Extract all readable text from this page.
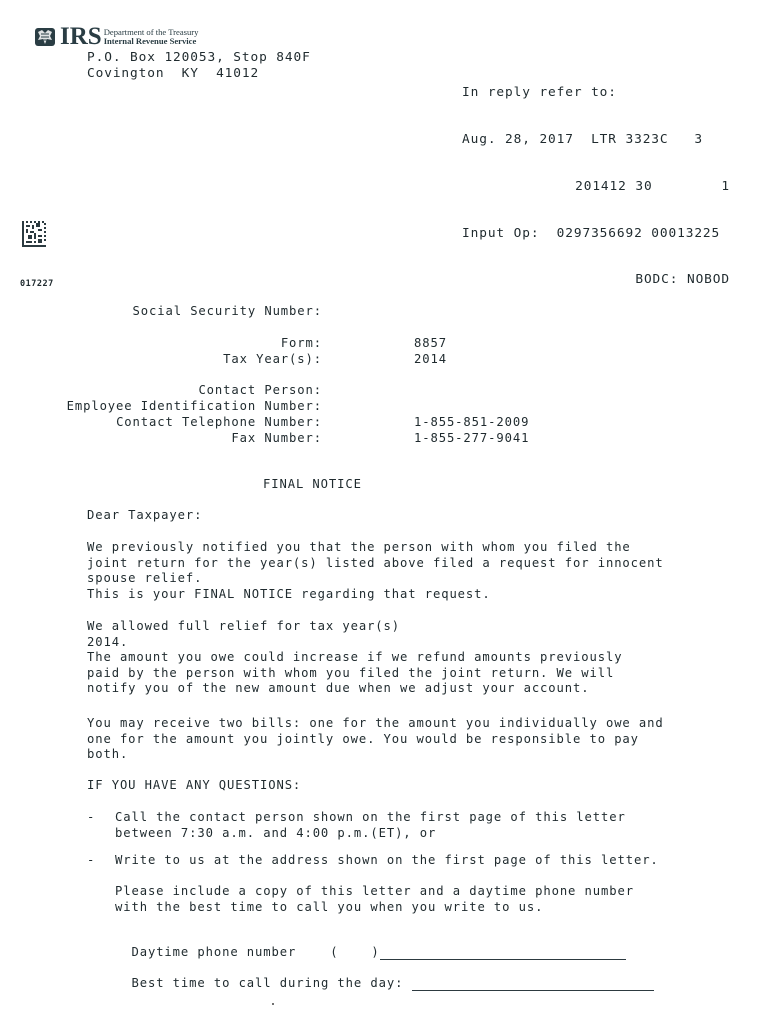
IRS Department of the Treasury
Internal Revenue Service
P.O. Box 120053, Stop 840F
Covington  KY  41012

In reply refer to:

Aug. 28, 2017  LTR 3323C   3

201412 30        1

Input Op:  0297356692 00013225

BODC: NOBOD

017227

Social Security Number:

Form:

	8857

Tax Year(s):

	2014

Contact Person:

Employee Identification Number:

Contact Telephone Number:

	1-855-851-2009

Fax Number:

	1-855-277-9041

FINAL NOTICE
Dear Taxpayer:
We previously notified you that the person with whom you filed the
joint return for the year(s) listed above filed a request for innocent
spouse relief.
This is your FINAL NOTICE regarding that request.
We allowed full relief for tax year(s)
2014.
The amount you owe could increase if we refund amounts previously
paid by the person with whom you filed the joint return. We will
notify you of the new amount due when we adjust your account.
You may receive two bills: one for the amount you individually owe and
one for the amount you jointly owe. You would be responsible to pay
both.
IF YOU HAVE ANY QUESTIONS:
- Call the contact person shown on the first page of this letter
between 7:30 a.m. and 4:00 p.m.(ET), or
- Write to us at the address shown on the first page of this letter.
Please include a copy of this letter and a daytime phone number
with the best time to call you when you write to us.

Daytime phone number	(    )

Best time to call during the day:
